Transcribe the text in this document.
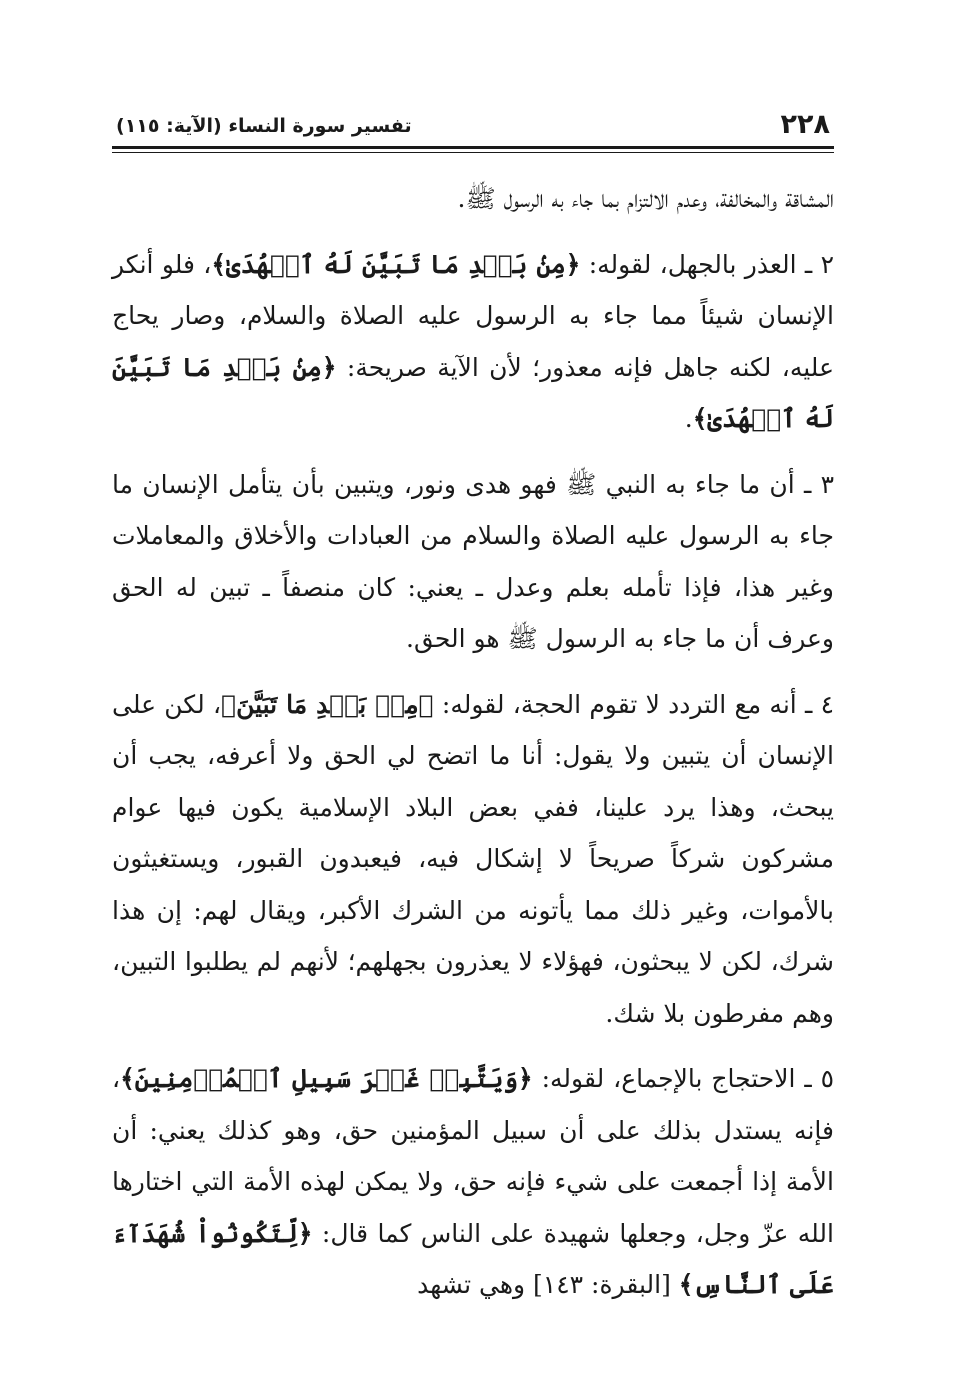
٢٢٨
تفسير سورة النساء (الآية: ١١٥)

المشاقة والمخالفة، وعدم الالتزام بما جاء به الرسول ﷺ.

٢ ـ العذر بالجهل، لقوله: ﴿مِنۢ بَعۡدِ مَا تَبَيَّنَ لَهُ ٱلۡهُدَىٰ﴾، فلو أنكر الإنسان شيئاً مما جاء به الرسول عليه الصلاة والسلام، وصار يحاج عليه، لكنه جاهل فإنه معذور؛ لأن الآية صريحة: ﴿مِنۢ بَعۡدِ مَا تَبَيَّنَ لَهُ ٱلۡهُدَىٰ﴾.

٣ ـ أن ما جاء به النبي ﷺ فهو هدى ونور، ويتبين بأن يتأمل الإنسان ما جاء به الرسول عليه الصلاة والسلام من العبادات والأخلاق والمعاملات وغير هذا، فإذا تأمله بعلم وعدل ـ يعني: كان منصفاً ـ تبين له الحق وعرف أن ما جاء به الرسول ﷺ هو الحق.

٤ ـ أنه مع التردد لا تقوم الحجة، لقوله: ﴿مِنۢ بَعۡدِ مَا تَبَيَّنَ﴾، لكن على الإنسان أن يتبين ولا يقول: أنا ما اتضح لي الحق ولا أعرفه، يجب أن يبحث، وهذا يرد علينا، ففي بعض البلاد الإسلامية يكون فيها عوام مشركون شركاً صريحاً لا إشكال فيه، فيعبدون القبور، ويستغيثون بالأموات، وغير ذلك مما يأتونه من الشرك الأكبر، ويقال لهم: إن هذا شرك، لكن لا يبحثون، فهؤلاء لا يعذرون بجهلهم؛ لأنهم لم يطلبوا التبين، وهم مفرطون بلا شك.

٥ ـ الاحتجاج بالإجماع، لقوله: ﴿وَيَتَّبِعۡ غَيۡرَ سَبِيلِ ٱلۡمُؤۡمِنِينَ﴾، فإنه يستدل بذلك على أن سبيل المؤمنين حق، وهو كذلك يعني: أن الأمة إذا أجمعت على شيء فإنه حق، ولا يمكن لهذه الأمة التي اختارها الله عزّ وجل، وجعلها شهيدة على الناس كما قال: ﴿لِّتَكُونُواْ شُهَدَآءَ عَلَى ٱلنَّاسِ﴾ [البقرة: ١٤٣] وهي تشهد
